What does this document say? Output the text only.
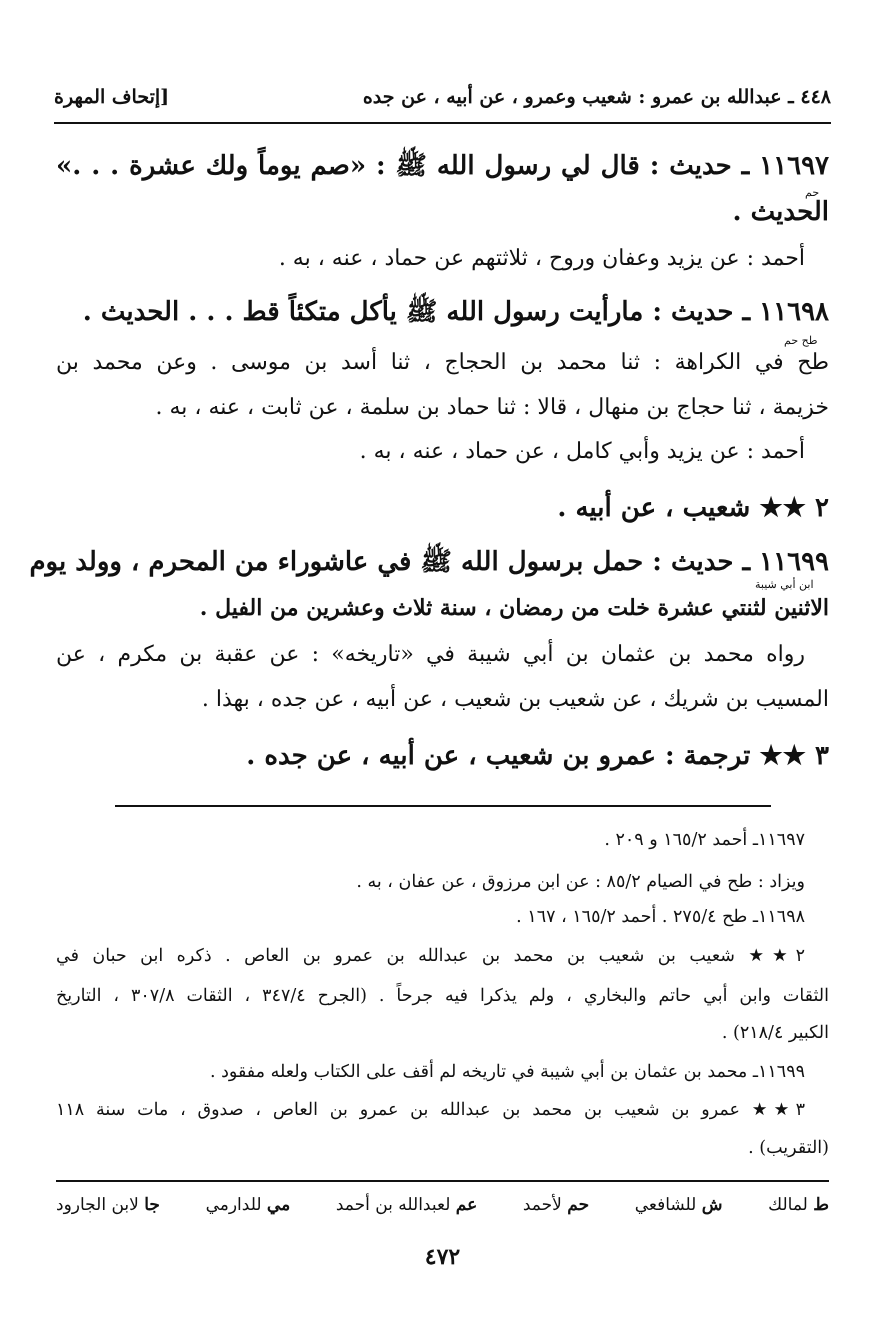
٤٤٨ ـ عبدالله بن عمرو : شعيب وعمرو ، عن أبيه ، عن جده
[إتحاف المهرة
١١٦٩٧ ـ حديث : قال لي رسول الله ﷺ : «صم يوماً ولك عشرة . . .»
حم
الحديث .
أحمد : عن يزيد وعفان وروح ، ثلاثتهم عن حماد ، عنه ، به .
١١٦٩٨ ـ حديث : مارأيت رسول الله ﷺ يأكل متكئاً قط . . . الحديث .
طح حم
طح في الكراهة : ثنا محمد بن الحجاج ، ثنا أسد بن موسى . وعن محمد بن
خزيمة ، ثنا حجاج بن منهال ، قالا : ثنا حماد بن سلمة ، عن ثابت ، عنه ، به .
أحمد : عن يزيد وأبي كامل ، عن حماد ، عنه ، به .
٢ ★★ شعيب ، عن أبيه .
١١٦٩٩ ـ حديث : حمل برسول الله ﷺ في عاشوراء من المحرم ، وولد يوم
ابن أبي شيبة
الاثنين لثنتي عشرة خلت من رمضان ، سنة ثلاث وعشرين من الفيل .
رواه محمد بن عثمان بن أبي شيبة في «تاريخه» : عن عقبة بن مكرم ، عن
المسيب بن شريك ، عن شعيب بن شعيب ، عن أبيه ، عن جده ، بهذا .
٣ ★★ ترجمة : عمرو بن شعيب ، عن أبيه ، عن جده .
١١٦٩٧ـ أحمد ١٦٥/٢ و ٢٠٩ .
ويزاد : طح في الصيام ٨٥/٢ : عن ابن مرزوق ، عن عفان ، به .
١١٦٩٨ـ طح ٢٧٥/٤ . أحمد ١٦٥/٢ ، ١٦٧ .
٢★★ شعيب بن شعيب بن محمد بن عبدالله بن عمرو بن العاص . ذكره ابن حبان في
الثقات وابن أبي حاتم والبخاري ، ولم يذكرا فيه جرحاً . (الجرح ٣٤٧/٤ ، الثقات ٣٠٧/٨ ، التاريخ
الكبير ٢١٨/٤) .
١١٦٩٩ـ محمد بن عثمان بن أبي شيبة في تاريخه لم أقف على الكتاب ولعله مفقود .
٣★★ عمرو بن شعيب بن محمد بن عبدالله بن عمرو بن العاص ، صدوق ، مات سنة ١١٨
(التقريب) .
ط لمالك
ش للشافعي
حم لأحمد
عم لعبدالله بن أحمد
مي للدارمي
جا لابن الجارود
٤٧٢
